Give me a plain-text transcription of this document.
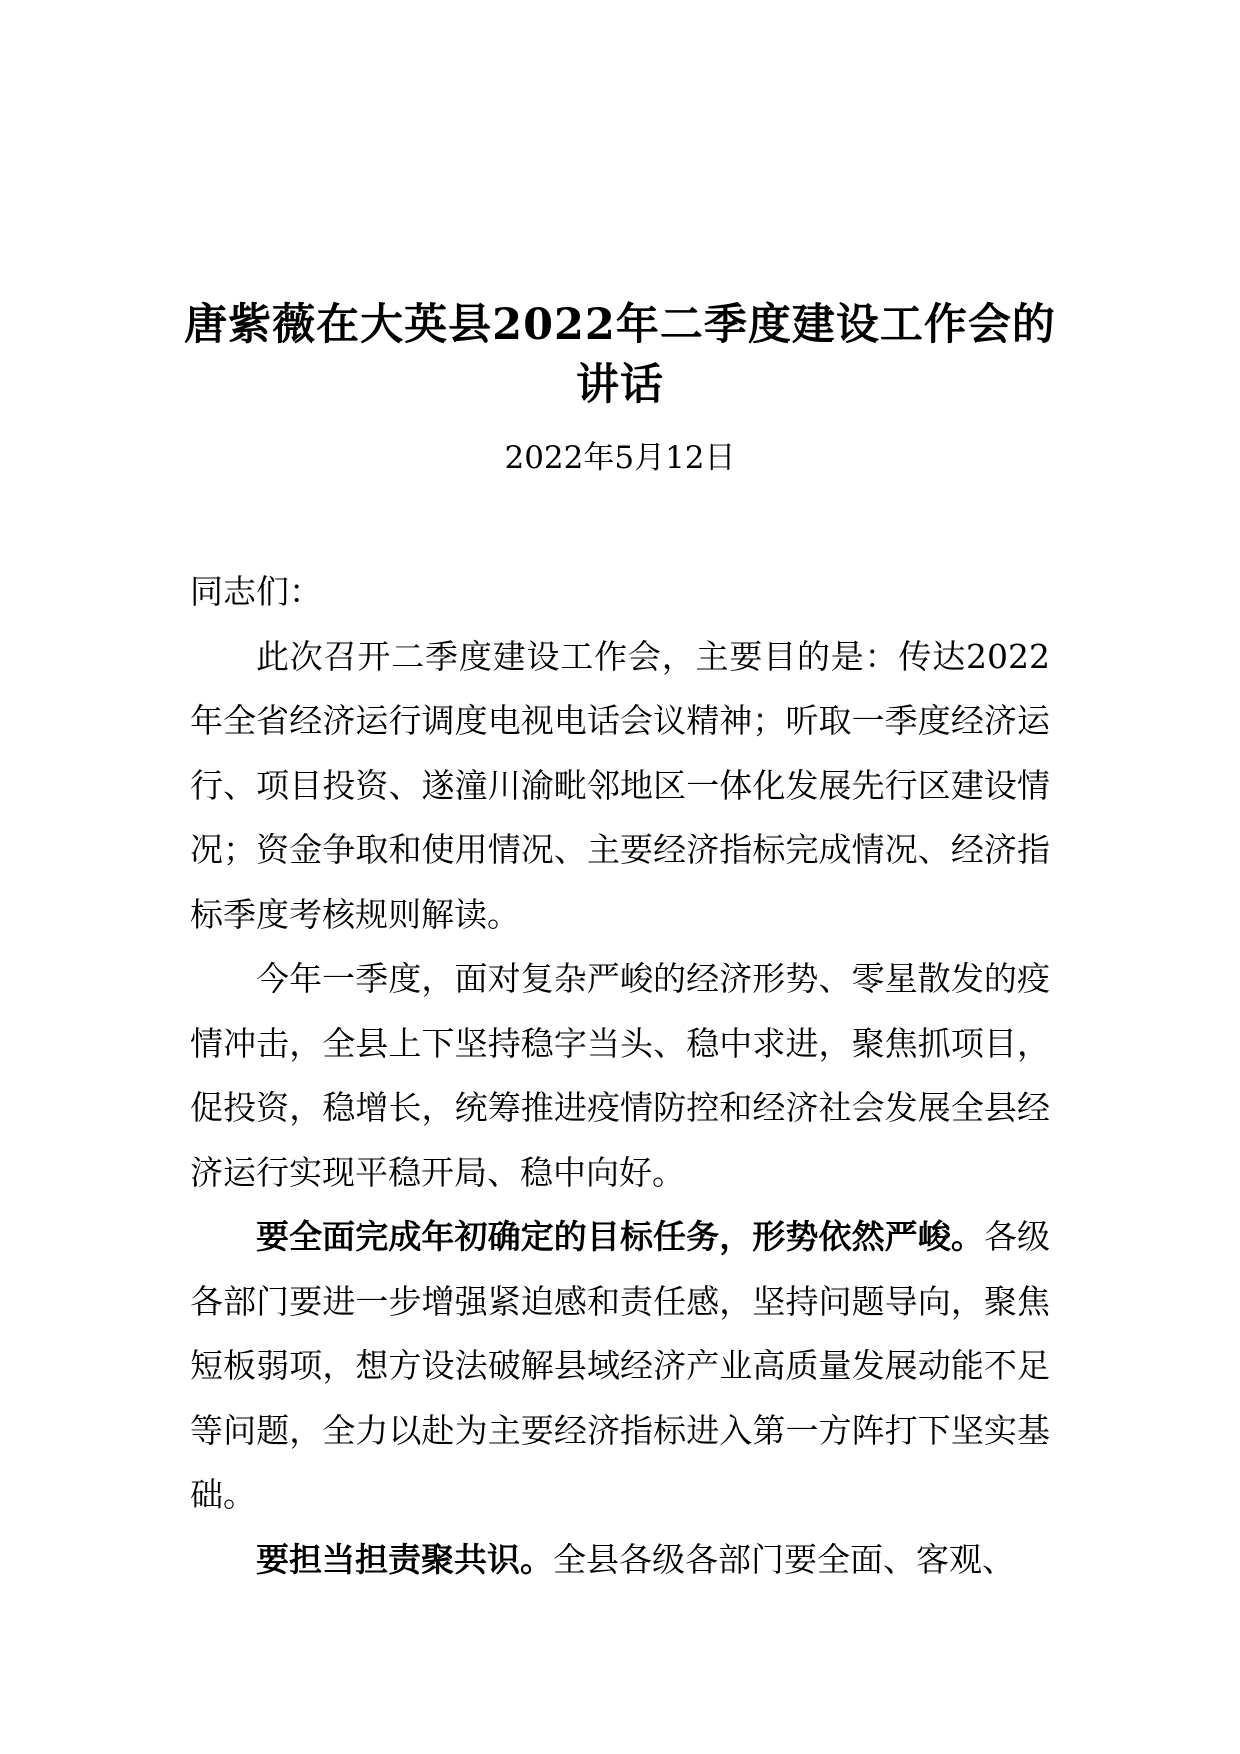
唐紫薇在大英县2022年二季度建设工作会的讲话
2022年5月12日

同志们：

此次召开二季度建设工作会，主要目的是：传达2022年全省经济运行调度电视电话会议精神；听取一季度经济运行、项目投资、遂潼川渝毗邻地区一体化发展先行区建设情况；资金争取和使用情况、主要经济指标完成情况、经济指标季度考核规则解读。

今年一季度，面对复杂严峻的经济形势、零星散发的疫情冲击，全县上下坚持稳字当头、稳中求进，聚焦抓项目，促投资，稳增长，统筹推进疫情防控和经济社会发展全县经济运行实现平稳开局、稳中向好。

要全面完成年初确定的目标任务，形势依然严峻。各级各部门要进一步增强紧迫感和责任感，坚持问题导向，聚焦短板弱项，想方设法破解县域经济产业高质量发展动能不足等问题，全力以赴为主要经济指标进入第一方阵打下坚实基础。

要担当担责聚共识。全县各级各部门要全面、客观、
